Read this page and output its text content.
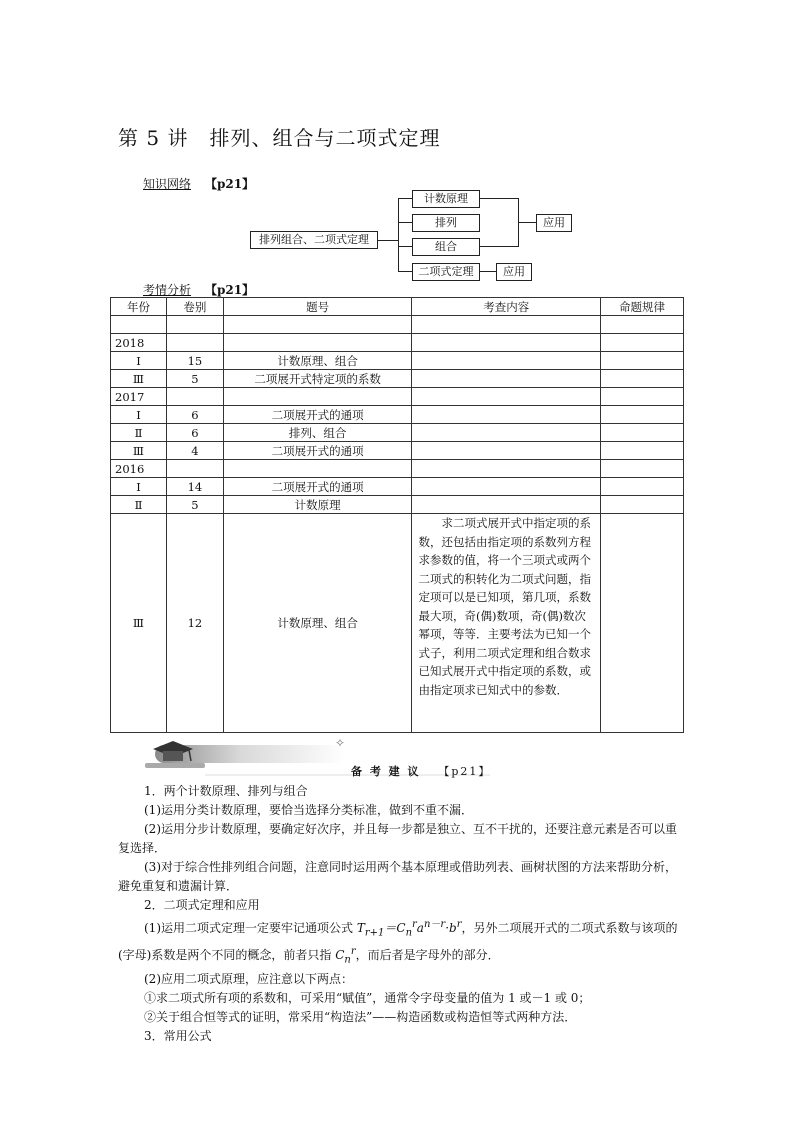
第 5 讲　排列、组合与二项式定理
知识网络 【p21】
排列组合、二项式定理
计数原理
排列
组合
二项式定理
应用
应用
考情分析 【p21】
年份	卷别	题号	考查内容	命题规律

2018				
Ⅰ	15	计数原理、组合		
Ⅲ	5	二项展开式特定项的系数		
2017				
Ⅰ	6	二项展开式的通项		
Ⅱ	6	排列、组合		
Ⅲ	4	二项展开式的通项		
2016				
Ⅰ	14	二项展开式的通项		
Ⅱ	5	计数原理		
Ⅲ	12	计数原理、组合	　　求二项式展开式中指定项的系数，还包括由指定项的系数列方程求参数的值，将一个三项式或两个二项式的积转化为二项式问题，指定项可以是已知项，第几项，系数最大项，奇(偶)数项，奇(偶)数次幂项，等等．主要考法为已知一个式子，利用二项式定理和组合数求已知式展开式中指定项的系数，或由指定项求已知式中的参数．	
✧
备 考 建 议 【p21】

1．两个计数原理、排列与组合

(1)运用分类计数原理，要恰当选择分类标准，做到不重不漏．

(2)运用分步计数原理，要确定好次序，并且每一步都是独立、互不干扰的，还要注意元素是否可以重复选择．

(3)对于综合性排列组合问题，注意同时运用两个基本原理或借助列表、画树状图的方法来帮助分析，避免重复和遗漏计算．

2．二项式定理和应用

(1)运用二项式定理一定要牢记通项公式 $T_{r+1}=C_n^ra^{n-r}\cdot b^r$，另外二项展开式的二项式系数与该项的(字母)系数是两个不同的概念，前者只指 $C_n^r$，而后者是字母外的部分．

(2)应用二项式原理，应注意以下两点：

①求二项式所有项的系数和，可采用“赋值”，通常令字母变量的值为 1 或－1 或 0；

②关于组合恒等式的证明，常采用“构造法”——构造函数或构造恒等式两种方法．

3．常用公式
